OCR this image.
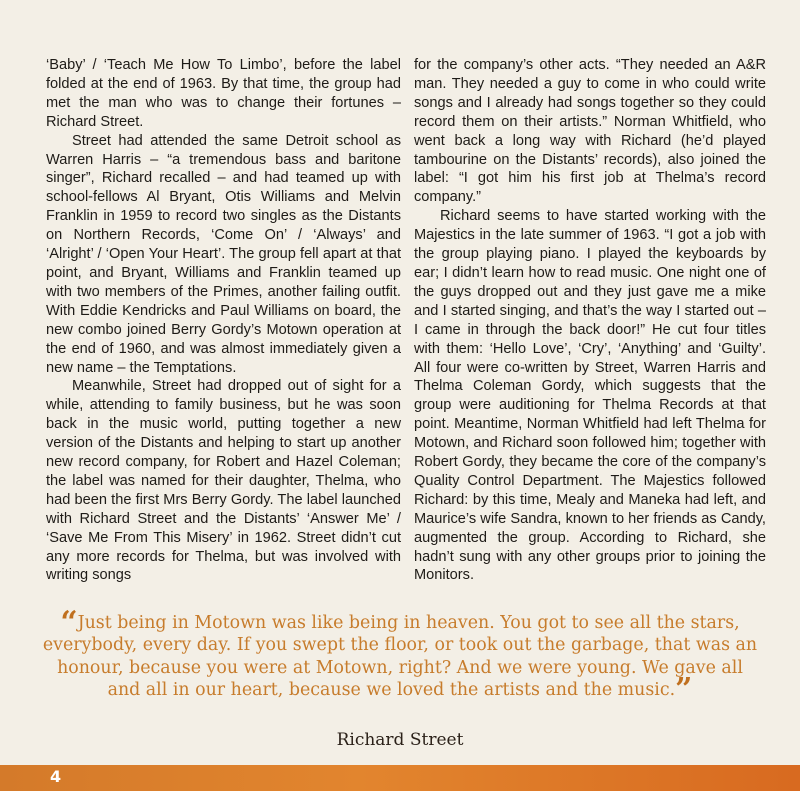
‘Baby’ / ‘Teach Me How To Limbo’, before the label folded at the end of 1963. By that time, the group had met the man who was to change their fortunes – Richard Street.

Street had attended the same Detroit school as Warren Harris – “a tremendous bass and baritone singer”, Richard recalled – and had teamed up with school-fellows Al Bryant, Otis Williams and Melvin Franklin in 1959 to record two singles as the Distants on Northern Records, ‘Come On’ / ‘Always’ and ‘Alright’ / ‘Open Your Heart’. The group fell apart at that point, and Bryant, Williams and Franklin teamed up with two members of the Primes, another failing outfit. With Eddie Kendricks and Paul Williams on board, the new combo joined Berry Gordy’s Motown operation at the end of 1960, and was almost immediately given a new name – the Temptations.

Meanwhile, Street had dropped out of sight for a while, attending to family business, but he was soon back in the music world, putting together a new version of the Distants and helping to start up another new record company, for Robert and Hazel Coleman; the label was named for their daughter, Thelma, who had been the first Mrs Berry Gordy. The label launched with Richard Street and the Distants’ ‘Answer Me’ / ‘Save Me From This Misery’ in 1962. Street didn’t cut any more records for Thelma, but was involved with writing songs

for the company’s other acts. “They needed an A&R man. They needed a guy to come in who could write songs and I already had songs together so they could record them on their artists.” Norman Whitfield, who went back a long way with Richard (he’d played tambourine on the Distants’ records), also joined the label: “I got him his first job at Thelma’s record company.”

Richard seems to have started working with the Majestics in the late summer of 1963. “I got a job with the group playing piano. I played the keyboards by ear; I didn’t learn how to read music. One night one of the guys dropped out and they just gave me a mike and I started singing, and that’s the way I started out – I came in through the back door!” He cut four titles with them: ‘Hello Love’, ‘Cry’, ‘Anything’ and ‘Guilty’. All four were co-written by Street, Warren Harris and Thelma Coleman Gordy, which suggests that the group were auditioning for Thelma Records at that point. Meantime, Norman Whitfield had left Thelma for Motown, and Richard soon followed him; together with Robert Gordy, they became the core of the company’s Quality Control Department. The Majestics followed Richard: by this time, Mealy and Maneka had left, and Maurice’s wife Sandra, known to her friends as Candy, augmented the group. According to Richard, she hadn’t sung with any other groups prior to joining the Monitors.

“Just being in Motown was like being in heaven. You got to see all the stars, everybody, every day. If you swept the floor, or took out the garbage, that was an honour, because you were at Motown, right? And we were young. We gave all and all in our heart, because we loved the artists and the music.”
Richard Street
4
